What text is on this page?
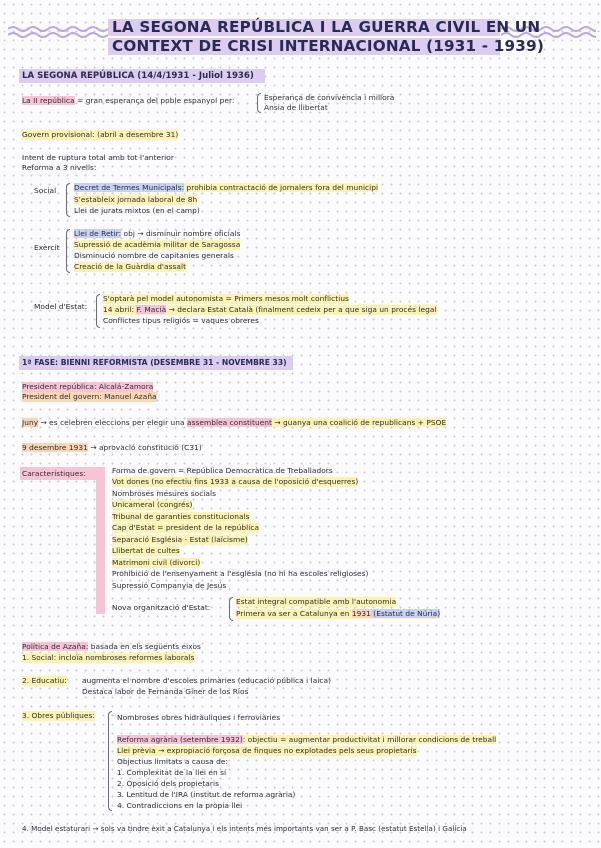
LA SEGONA REPÚBLICA I LA GUERRA CIVIL EN UN
CONTEXT DE CRISI INTERNACIONAL (1931 - 1939)
LA SEGONA REPÚBLICA (14/4/1931 - Juliol 1936)
La II república = gran esperança del poble espanyol per:	Esperança de convivència i millora
Ansia de llibertat
Govern provisional: (abril a desembre 31)
Intent de ruptura total amb tot l'anterior
Reforma a 3 nivells:
Social Decret de Termes Municipals: prohibia contractació de jornalers fora del municipi
S'estableix jornada laboral de 8h
Llei de jurats mixtos (en el camp)
Exèrcit
Llei de Retir: obj → disminuir nombre oficials
Supressió de acadèmia militar de Saragossa
Disminució nombre de capitanies generals
Creació de la Guàrdia d'assalt
Model d'Estat:
S'optarà pel model autonomista = Primers mesos molt conflictius
14 abril: F. Macià → declara Estat Català (finalment cedeix per a que siga un procés legal
Conflictes tipus religiós = vaques obreres
1ª FASE: BIENNI REFORMISTA (DESEMBRE 31 - NOVEMBRE 33)
President república: Alcalá-Zamora
President del govern: Manuel Azaña
Juny → es celebren eleccions per elegir una assemblea constituent → guanya una coalició de republicans + PSOE
9 desembre 1931 → aprovació constitució (C31)
Característiques:	Forma de govern = República Democràtica de Treballadors
Vot dones (no efectiu fins 1933 a causa de l'oposició d'esquerres)
Nombroses mesures socials
Unicameral (congrés)
Tribunal de garanties constitucionals
Cap d'Estat = president de la república
Separació Església - Estat (laïcisme)
Llibertat de cultes
Matrimoni civil (divorci)
Prohibició de l'ensenyament a l'església (no hi ha escoles religioses)
Supressió Companyia de Jesús
Nova organització d'Estat:
Estat integral compatible amb l'autonomia
Primera va ser a Catalunya en 1931 (Estatut de Núria)
Política de Azaña: basada en els següents eixos
1. Social: incloïa nombroses reformes laborals
2. Educatiu: augmenta el nombre d'escoles primàries (educació pública i laica)
Destaca labor de Fernanda Giner de los Ríos
3. Obres públiques:	Nombroses obres hidràuliques i ferroviàries
Reforma agrària (setembre 1932): objectiu = augmentar productivitat i millorar condicions de treball
Llei prèvia → expropiació forçosa de finques no explotades pels seus propietaris
Objectius limitats a causa de:
1. Complexitat de la llei en sí
2. Oposició dels propietaris
3. Lentitud de l'IRA (institut de reforma agrària)
4. Contradiccions en la pròpia llei
4. Model estaturari → sols va tindre èxit a Catalunya i els intents més importants van ser a P. Basc (estatut Estella) i Galícia
